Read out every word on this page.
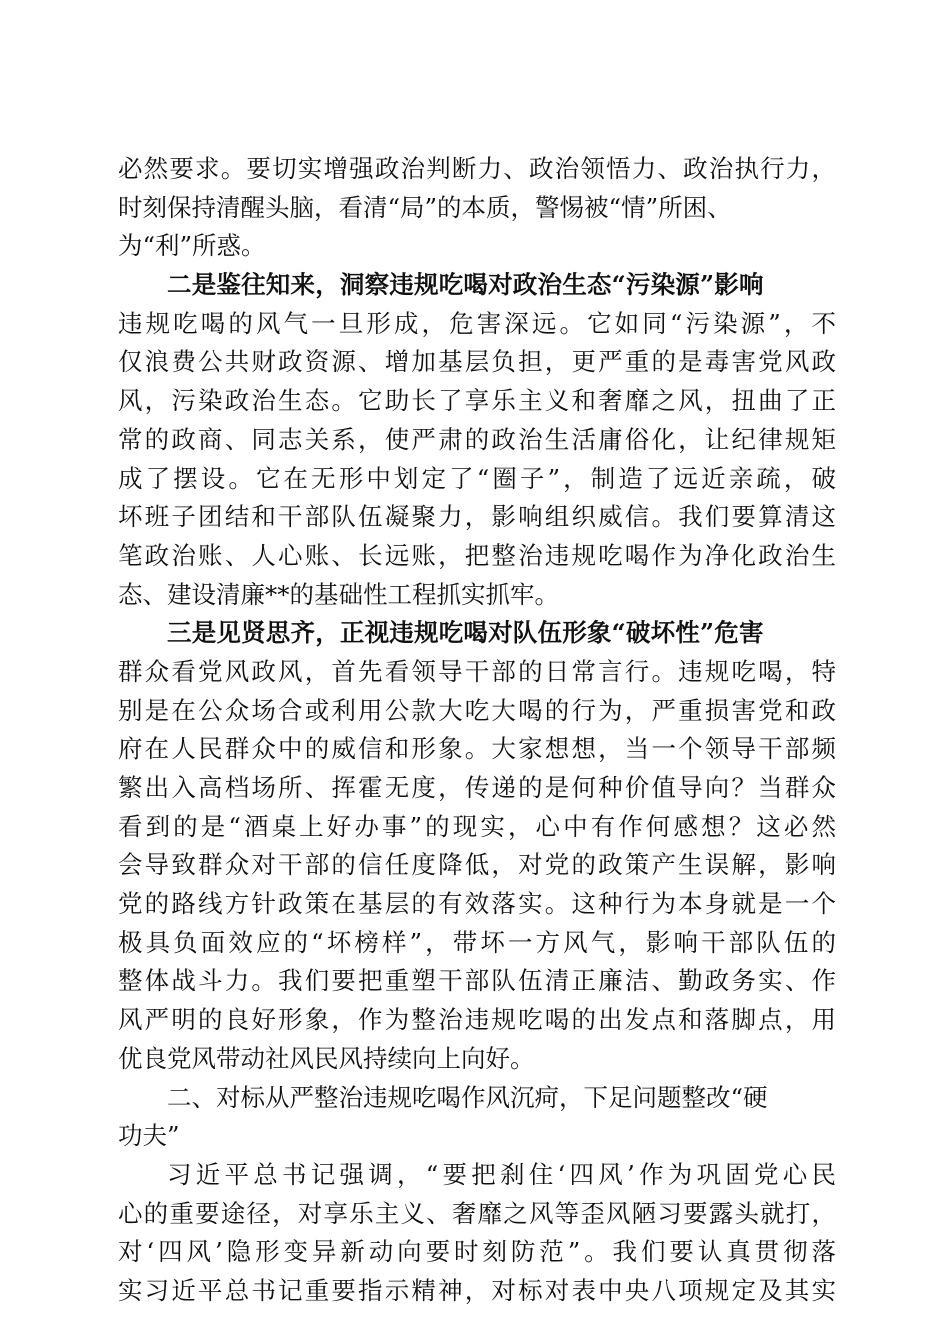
必然要求。要切实增强政治判断力、政治领悟力、政治执行力，
时刻保持清醒头脑，看清“局”的本质，警惕被“情”所困、
为“利”所惑。
二是鉴往知来，洞察违规吃喝对政治生态“污染源”影响
违规吃喝的风气一旦形成，危害深远。它如同“污染源”，不
仅浪费公共财政资源、增加基层负担，更严重的是毒害党风政
风，污染政治生态。它助长了享乐主义和奢靡之风，扭曲了正
常的政商、同志关系，使严肃的政治生活庸俗化，让纪律规矩
成了摆设。它在无形中划定了“圈子”，制造了远近亲疏，破
坏班子团结和干部队伍凝聚力，影响组织威信。我们要算清这
笔政治账、人心账、长远账，把整治违规吃喝作为净化政治生
态、建设清廉**的基础性工程抓实抓牢。
三是见贤思齐，正视违规吃喝对队伍形象“破坏性”危害
群众看党风政风，首先看领导干部的日常言行。违规吃喝，特
别是在公众场合或利用公款大吃大喝的行为，严重损害党和政
府在人民群众中的威信和形象。大家想想，当一个领导干部频
繁出入高档场所、挥霍无度，传递的是何种价值导向？当群众
看到的是“酒桌上好办事”的现实，心中有作何感想？这必然
会导致群众对干部的信任度降低，对党的政策产生误解，影响
党的路线方针政策在基层的有效落实。这种行为本身就是一个
极具负面效应的“坏榜样”，带坏一方风气，影响干部队伍的
整体战斗力。我们要把重塑干部队伍清正廉洁、勤政务实、作
风严明的良好形象，作为整治违规吃喝的出发点和落脚点，用
优良党风带动社风民风持续向上向好。
二、对标从严整治违规吃喝作风沉疴，下足问题整改“硬
功夫”
习近平总书记强调，“要把刹住‘四风’作为巩固党心民
心的重要途径，对享乐主义、奢靡之风等歪风陋习要露头就打，
对‘四风’隐形变异新动向要时刻防范”。我们要认真贯彻落
实习近平总书记重要指示精神，对标对表中央八项规定及其实
